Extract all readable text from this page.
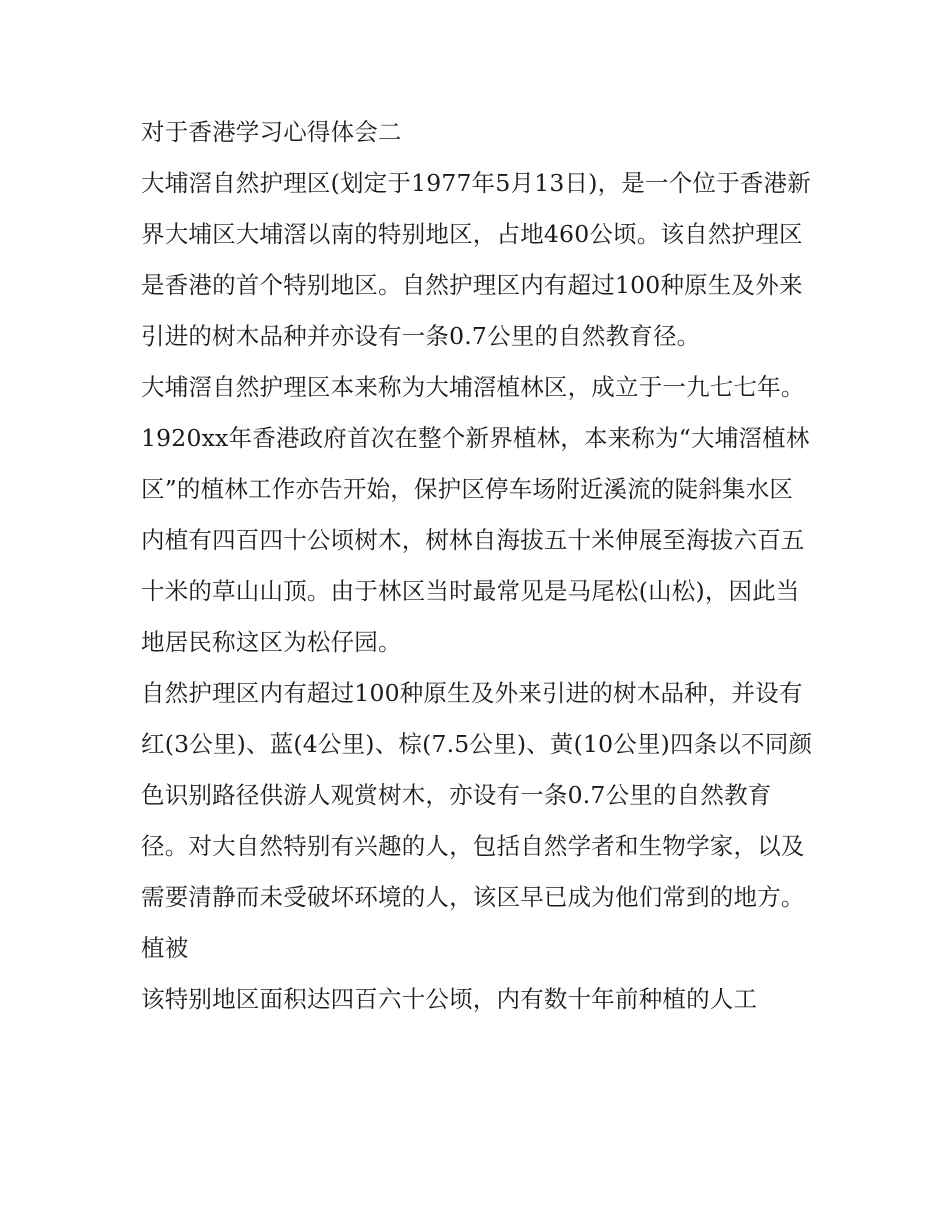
对于香港学习心得体会二

大埔滘自然护理区(划定于1977年5月13日)，是一个位于香港新界大埔区大埔滘以南的特别地区，占地460公顷。该自然护理区是香港的首个特别地区。自然护理区内有超过100种原生及外来引进的树木品种并亦设有一条0.7公里的自然教育径。

大埔滘自然护理区本来称为大埔滘植林区，成立于一九七七年。1920xx年香港政府首次在整个新界植林，本来称为“大埔滘植林区”的植林工作亦告开始，保护区停车场附近溪流的陡斜集水区内植有四百四十公顷树木，树林自海拔五十米伸展至海拔六百五十米的草山山顶。由于林区当时最常见是马尾松(山松)，因此当地居民称这区为松仔园。

自然护理区内有超过100种原生及外来引进的树木品种，并设有红(3公里)、蓝(4公里)、棕(7.5公里)、黄(10公里)四条以不同颜色识别路径供游人观赏树木，亦设有一条0.7公里的自然教育径。对大自然特别有兴趣的人，包括自然学者和生物学家，以及需要清静而未受破坏环境的人，该区早已成为他们常到的地方。

植被

该特别地区面积达四百六十公顷，内有数十年前种植的人工
